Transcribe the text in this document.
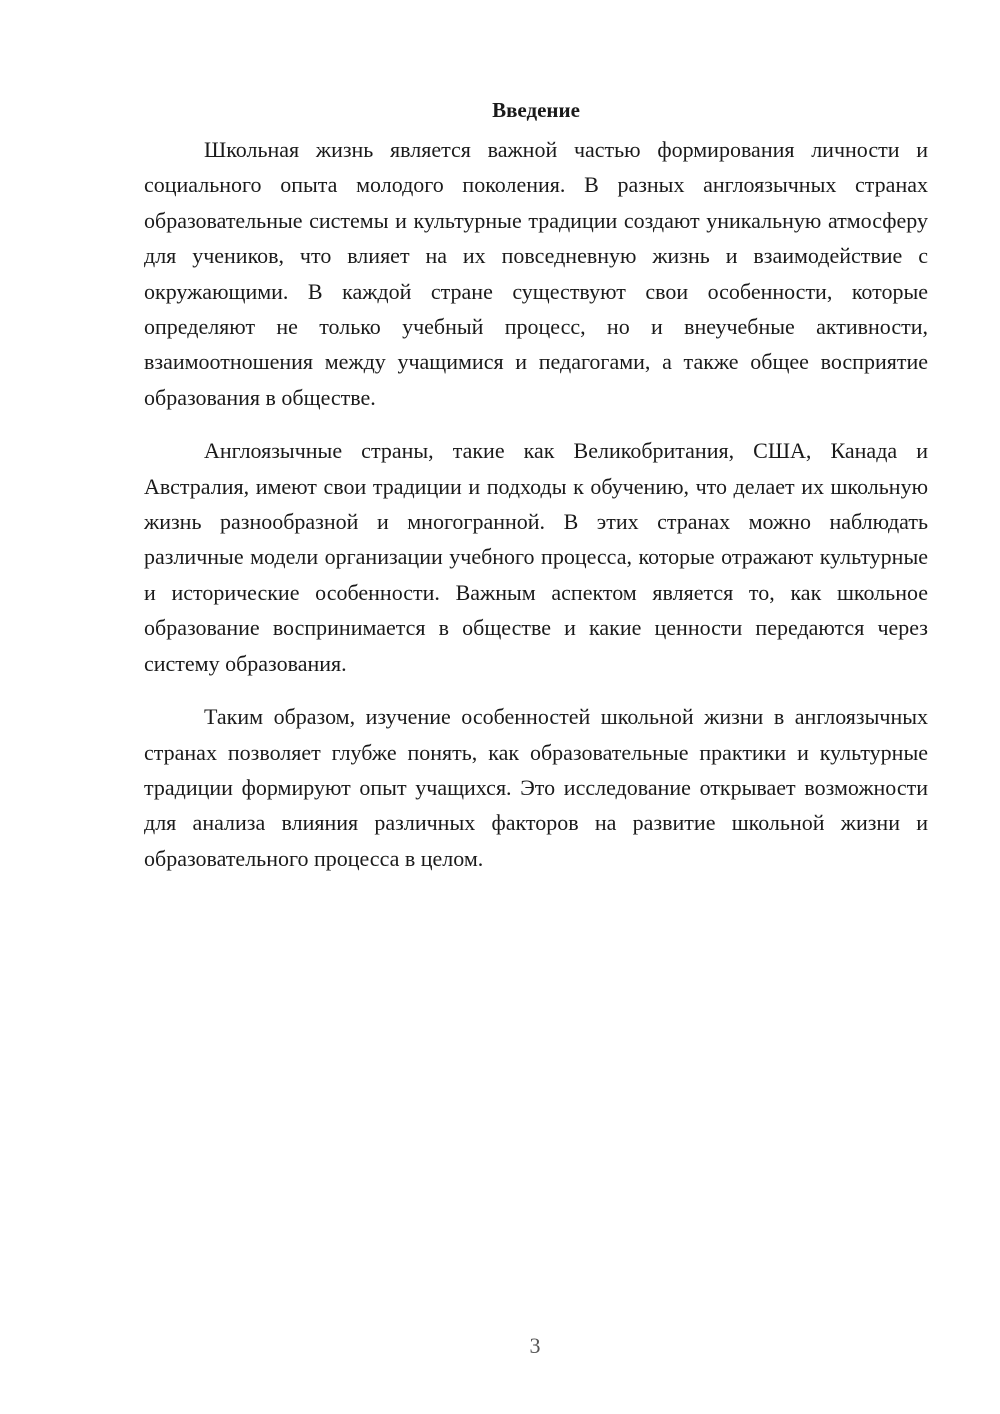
Введение

Школьная жизнь является важной частью формирования личности и социального опыта молодого поколения. В разных англоязычных странах образовательные системы и культурные традиции создают уникальную атмосферу для учеников, что влияет на их повседневную жизнь и взаимодействие с окружающими. В каждой стране существуют свои особенности, которые определяют не только учебный процесс, но и внеучебные активности, взаимоотношения между учащимися и педагогами, а также общее восприятие образования в обществе.

Англоязычные страны, такие как Великобритания, США, Канада и Австралия, имеют свои традиции и подходы к обучению, что делает их школьную жизнь разнообразной и многогранной. В этих странах можно наблюдать различные модели организации учебного процесса, которые отражают культурные и исторические особенности. Важным аспектом является то, как школьное образование воспринимается в обществе и какие ценности передаются через систему образования.

Таким образом, изучение особенностей школьной жизни в англоязычных странах позволяет глубже понять, как образовательные практики и культурные традиции формируют опыт учащихся. Это исследование открывает возможности для анализа влияния различных факторов на развитие школьной жизни и образовательного процесса в целом.

3
